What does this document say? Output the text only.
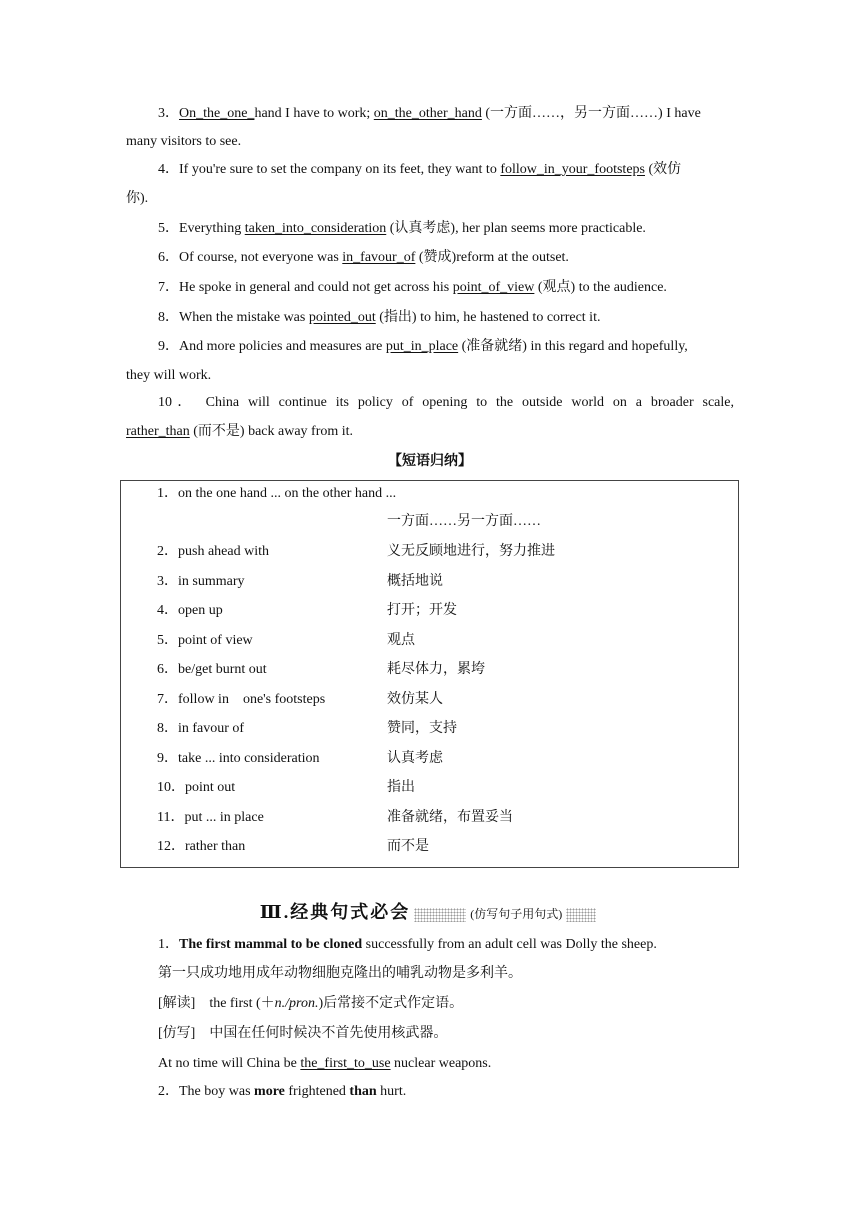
3．On_the_one_hand I have to work; on_the_other_hand (一方面……，另一方面……) I have
many visitors to see.
4．If you're sure to set the company on its feet, they want to follow_in_your_footsteps (效仿
你).
5．Everything taken_into_consideration (认真考虑), her plan seems more practicable.
6．Of course, not everyone was in_favour_of (赞成)reform at the outset.
7．He spoke in general and could not get across his point_of_view (观点) to the audience.
8．When the mistake was pointed_out (指出) to him, he hastened to correct it.
9．And more policies and measures are put_in_place (准备就绪) in this regard and hopefully,
they will work.
10． China will continue its policy of opening to the outside world on a broader scale,
rather_than (而不是) back away from it.
【短语归纳】
1．on the one hand ... on the other hand ...
一方面……另一方面……
2．push ahead with	义无反顾地进行，努力推进
3．in summary	概括地说
4．open up	打开；开发
5．point of view	观点
6．be/get burnt out	耗尽体力，累垮
7．follow in　one's footsteps	效仿某人
8．in favour of	赞同，支持
9．take ... into consideration	认真考虑
10．point out	指出
11．put ... in place	准备就绪，布置妥当
12．rather than	而不是
Ⅲ.经典句式必会	(仿写句子用句式)
1．The first mammal to be cloned successfully from an adult cell was Dolly the sheep.
第一只成功地用成年动物细胞克隆出的哺乳动物是多利羊。
[解读]　the first (＋n./pron.)后常接不定式作定语。
[仿写]　中国在任何时候决不首先使用核武器。
At no time will China be the_first_to_use nuclear weapons.
2．The boy was more frightened than hurt.
